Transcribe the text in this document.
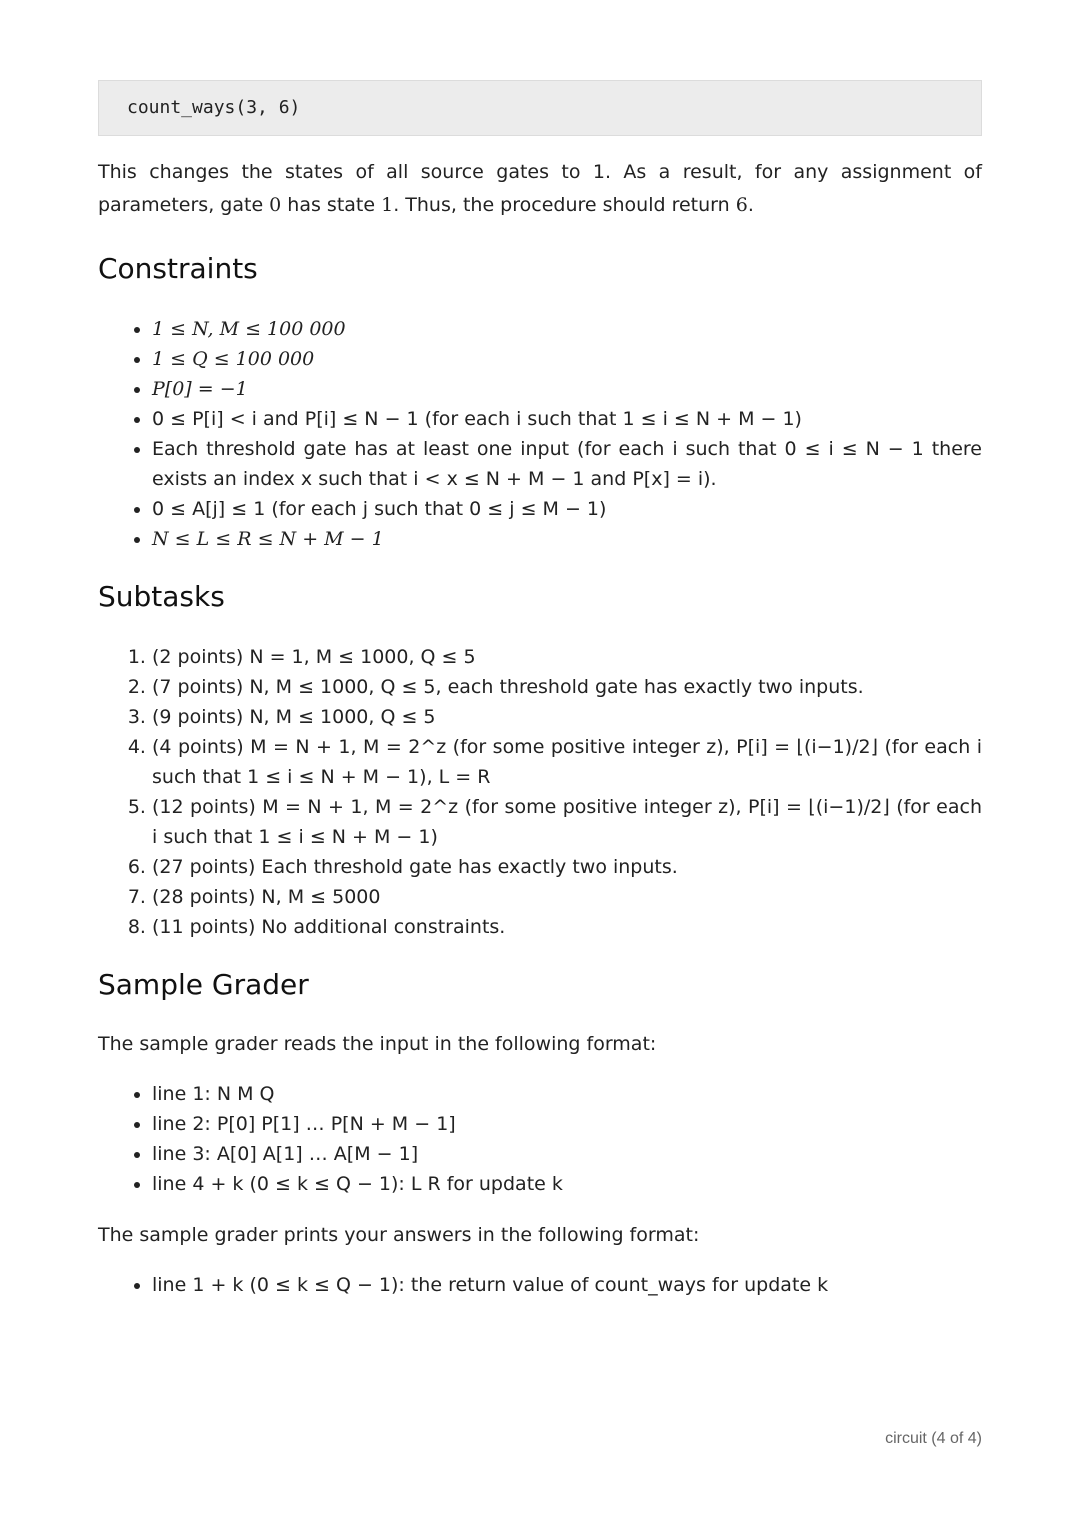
count_ways(3, 6)

This changes the states of all source gates to 1. As a result, for any assignment of parameters, gate 0 has state 1. Thus, the procedure should return 6.

Constraints
• 1 ≤ N, M ≤ 100 000
• 1 ≤ Q ≤ 100 000
• P[0] = −1
• 0 ≤ P[i] < i and P[i] ≤ N − 1 (for each i such that 1 ≤ i ≤ N + M − 1)
• Each threshold gate has at least one input (for each i such that 0 ≤ i ≤ N − 1 there exists an index x such that i < x ≤ N + M − 1 and P[x] = i).
• 0 ≤ A[j] ≤ 1 (for each j such that 0 ≤ j ≤ M − 1)
• N ≤ L ≤ R ≤ N + M − 1
Subtasks
1. (2 points) N = 1, M ≤ 1000, Q ≤ 5
2. (7 points) N, M ≤ 1000, Q ≤ 5, each threshold gate has exactly two inputs.
3. (9 points) N, M ≤ 1000, Q ≤ 5
4. (4 points) M = N + 1, M = 2^z (for some positive integer z), P[i] = ⌊(i−1)/2⌋ (for each i such that 1 ≤ i ≤ N + M − 1), L = R
5. (12 points) M = N + 1, M = 2^z (for some positive integer z), P[i] = ⌊(i−1)/2⌋ (for each i such that 1 ≤ i ≤ N + M − 1)
6. (27 points) Each threshold gate has exactly two inputs.
7. (28 points) N, M ≤ 5000
8. (11 points) No additional constraints.
Sample Grader

The sample grader reads the input in the following format:

• line 1: N M Q
• line 2: P[0] P[1] … P[N + M − 1]
• line 3: A[0] A[1] … A[M − 1]
• line 4 + k (0 ≤ k ≤ Q − 1): L R for update k

The sample grader prints your answers in the following format:

• line 1 + k (0 ≤ k ≤ Q − 1): the return value of count_ways for update k
circuit (4 of 4)
